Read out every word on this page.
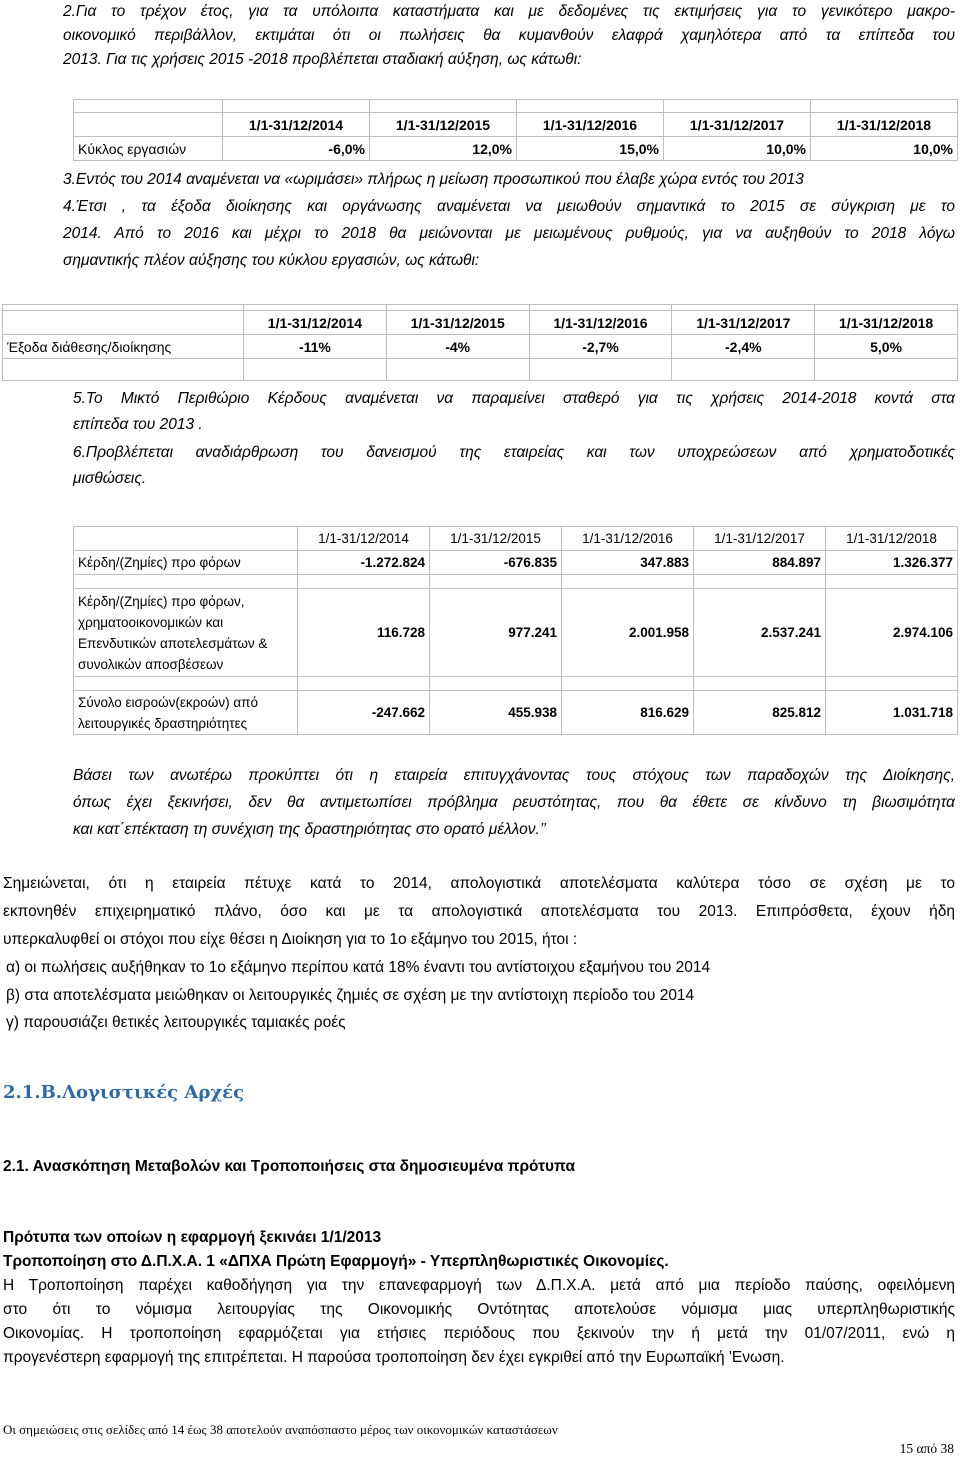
2.Για το τρέχον έτος, για τα υπόλοιπα καταστήματα και με δεδομένες τις εκτιμήσεις για το γενικότερο μακρο-
οικονομικό περιβάλλον, εκτιμάται ότι οι πωλήσεις θα κυμανθούν ελαφρά χαμηλότερα από τα επίπεδα του
2013. Για τις χρήσεις 2015 -2018 προβλέπεται σταδιακή αύξηση, ως κάτωθι:

	1/1-31/12/2014	1/1-31/12/2015	1/1-31/12/2016	1/1-31/12/2017	1/1-31/12/2018
Κύκλος εργασιών	-6,0%	12,0%	15,0%	10,0%	10,0%
3.Εντός του 2014 αναμένεται να «ωριμάσει» πλήρως η μείωση προσωπικού που έλαβε χώρα εντός του 2013
4.Έτσι , τα έξοδα διοίκησης και οργάνωσης αναμένεται να μειωθούν σημαντικά το 2015 σε σύγκριση με το
2014. Από το 2016 και μέχρι το 2018 θα μειώνονται με μειωμένους ρυθμούς, για να αυξηθούν το 2018 λόγω
σημαντικής πλέον αύξησης του κύκλου εργασιών, ως κάτωθι:

	1/1-31/12/2014	1/1-31/12/2015	1/1-31/12/2016	1/1-31/12/2017	1/1-31/12/2018
Έξοδα διάθεσης/διοίκησης	-11%	-4%	-2,7%	-2,4%	5,0%

5.Το Μικτό Περιθώριο Κέρδους αναμένεται να παραμείνει σταθερό για τις χρήσεις 2014-2018 κοντά στα
επίπεδα του 2013 .
6.Προβλέπεται αναδιάρθρωση του δανεισμού της εταιρείας και των υποχρεώσεων από χρηματοδοτικές
μισθώσεις.
	1/1-31/12/2014	1/1-31/12/2015	1/1-31/12/2016	1/1-31/12/2017	1/1-31/12/2018
Κέρδη/(Ζημίες) προ φόρων	-1.272.824	-676.835	347.883	884.897	1.326.377

Κέρδη/(Ζημίες) προ φόρων, χρηματοοικονομικών και Επενδυτικών αποτελεσμάτων & συνολικών αποσβέσεων	116.728	977.241	2.001.958	2.537.241	2.974.106

Σύνολο εισροών(εκροών) από λειτουργικές δραστηριότητες	-247.662	455.938	816.629	825.812	1.031.718
Βάσει των ανωτέρω προκύπτει ότι η εταιρεία επιτυγχάνοντας τους στόχους των παραδοχών της Διοίκησης,
όπως έχει ξεκινήσει, δεν θα αντιμετωπίσει πρόβλημα ρευστότητας, που θα έθετε σε κίνδυνο τη βιωσιμότητα
και κατ΄επέκταση τη συνέχιση της δραστηριότητας στο ορατό μέλλον.’’
Σημειώνεται, ότι η εταιρεία πέτυχε κατά το 2014, απολογιστικά αποτελέσματα καλύτερα τόσο σε σχέση με το
εκπονηθέν επιχειρηματικό πλάνο, όσο και με τα απολογιστικά αποτελέσματα του 2013. Επιπρόσθετα, έχουν ήδη
υπερκαλυφθεί οι στόχοι που είχε θέσει η Διοίκηση για το 1ο εξάμηνο του 2015, ήτοι :
α) οι πωλήσεις αυξήθηκαν το 1ο εξάμηνο περίπου κατά 18% έναντι του αντίστοιχου εξαμήνου του 2014
β) στα αποτελέσματα μειώθηκαν οι λειτουργικές ζημιές σε σχέση με την αντίστοιχη περίοδο του 2014
γ) παρουσιάζει θετικές λειτουργικές ταμιακές ροές
2.1.Β.Λογιστικές Αρχές
2.1. Ανασκόπηση Μεταβολών και Τροποποιήσεις στα δημοσιευμένα πρότυπα
Πρότυπα των οποίων η εφαρμογή ξεκινάει 1/1/2013
Τροποποίηση στο Δ.Π.Χ.Α. 1 «ΔΠΧΑ Πρώτη Εφαρμογή» - Υπερπληθωριστικές Οικονομίες.
Η Τροποποίηση παρέχει καθοδήγηση για την επανεφαρμογή των Δ.Π.Χ.Α. μετά από μια περίοδο παύσης, οφειλόμενη
στο ότι το νόμισμα λειτουργίας της Οικονομικής Οντότητας αποτελούσε νόμισμα μιας υπερπληθωριστικής
Οικονομίας. Η τροποποίηση εφαρμόζεται για ετήσιες περιόδους που ξεκινούν την ή μετά την 01/07/2011, ενώ η
προγενέστερη εφαρμογή της επιτρέπεται. Η παρούσα τροποποίηση δεν έχει εγκριθεί από την Ευρωπαϊκή 'Ενωση.
Οι σημειώσεις στις σελίδες από 14 έως 38 αποτελούν αναπόσπαστο μέρος των οικονομικών καταστάσεων
15 από 38
